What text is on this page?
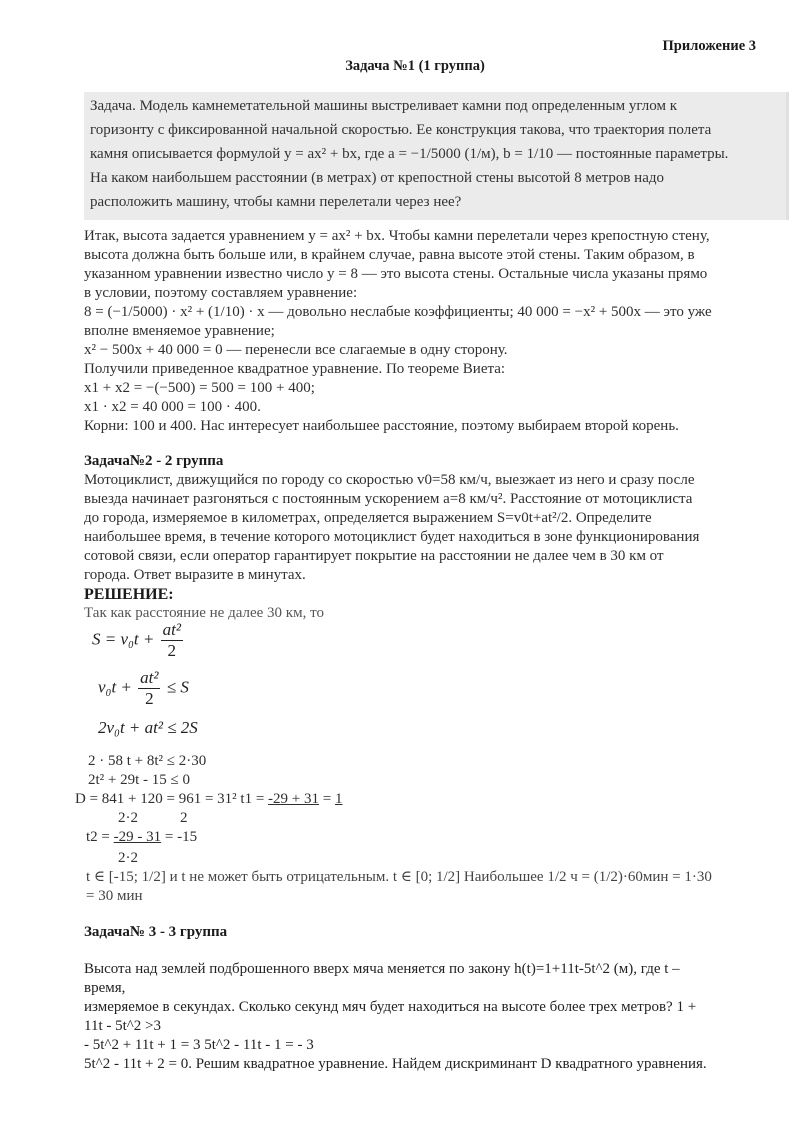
Приложение 3
Задача №1 (1 группа)
Задача. Модель камнеметательной машины выстреливает камни под определенным углом к
горизонту с фиксированной начальной скоростью. Ее конструкция такова, что траектория полета
камня описывается формулой y = ax² + bx, где a = −1/5000 (1/м), b = 1/10 — постоянные параметры.
На каком наибольшем расстоянии (в метрах) от крепостной стены высотой 8 метров надо
расположить машину, чтобы камни перелетали через нее?
Итак, высота задается уравнением y = ax² + bx. Чтобы камни перелетали через крепостную стену,
высота должна быть больше или, в крайнем случае, равна высоте этой стены. Таким образом, в
указанном уравнении известно число y = 8 — это высота стены. Остальные числа указаны прямо
в условии, поэтому составляем уравнение:
8 = (−1/5000) · x² + (1/10) · x — довольно неслабые коэффициенты; 40 000 = −x² + 500x — это уже
вполне вменяемое уравнение;
x² − 500x + 40 000 = 0 — перенесли все слагаемые в одну сторону.
Получили приведенное квадратное уравнение. По теореме Виета:
x1 + x2 = −(−500) = 500 = 100 + 400;
x1 · x2 = 40 000 = 100 · 400.
Корни: 100 и 400. Нас интересует наибольшее расстояние, поэтому выбираем второй корень.
Задача№2 - 2 группа
Мотоциклист, движущийся по городу со скоростью v0=58 км/ч, выезжает из него и сразу после
выезда начинает разгоняться с постоянным ускорением a=8 км/ч². Расстояние от мотоциклиста
до города, измеряемое в километрах, определяется выражением S=v0t+at²/2. Определите
наибольшее время, в течение которого мотоциклист будет находиться в зоне функционирования
сотовой связи, если оператор гарантирует покрытие на расстоянии не далее чем в 30 км от
города. Ответ выразите в минутах.
РЕШЕНИЕ:
Так как расстояние не далее 30 км, то
$S = v_0t + \frac{\text{at²}}{2}$
$v_0t + \frac{\text{at²}}{2} \le S$
2v₀t + at² ≤ 2S
2 · 58 t + 8t² ≤ 2·30
2t² + 29t - 15 ≤ 0
D = 841 + 120 = 961 = 31² t1 = -29 + 31 = 1
2·2	2
t2 = -29 - 31 = -15
2·2
t ∈ [-15; 1/2] и t не может быть отрицательным. t ∈ [0; 1/2] Наибольшее 1/2 ч = (1/2)·60мин = 1·30
= 30 мин
Задача№ 3 - 3 группа
Высота над землей подброшенного вверх мяча меняется по закону h(t)=1+11t-5t^2 (м), где t –
время,
измеряемое в секундах. Сколько секунд мяч будет находиться на высоте более трех метров? 1 +
11t - 5t^2 >3
- 5t^2 + 11t + 1 = 3 5t^2 - 11t - 1 = - 3
5t^2 - 11t + 2 = 0. Решим квадратное уравнение. Найдем дискриминант D квадратного уравнения.
